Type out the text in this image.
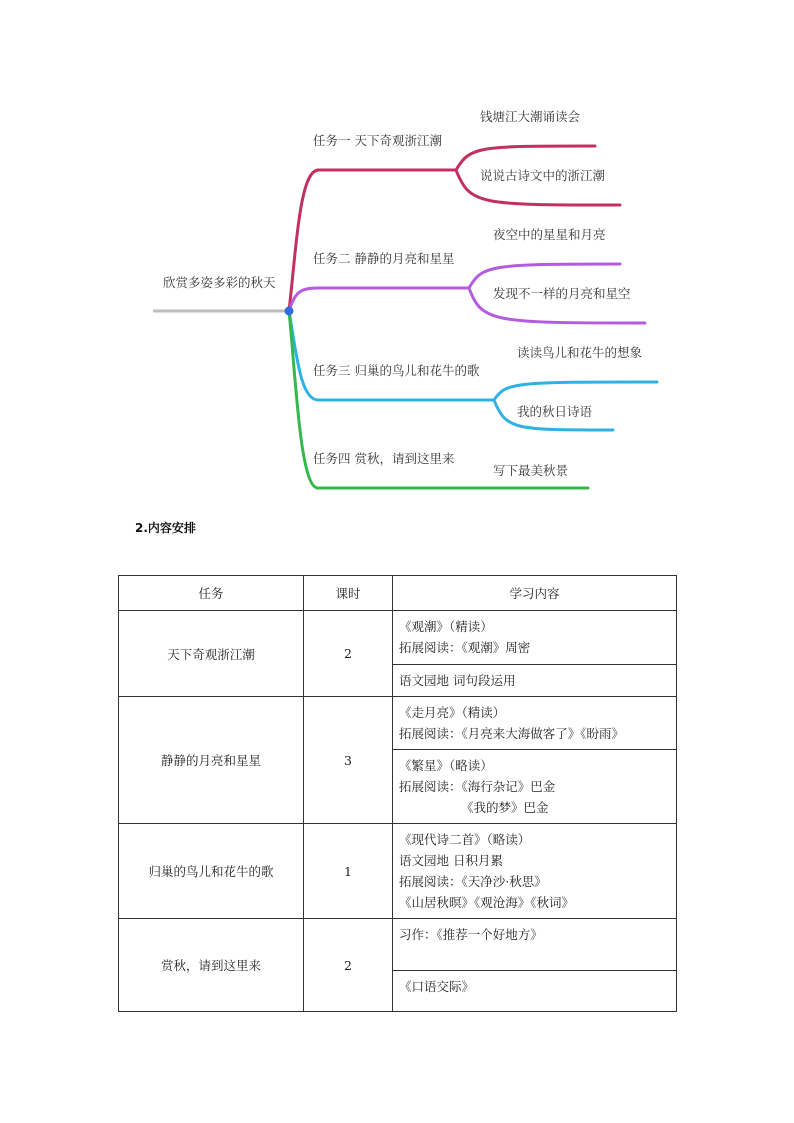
欣赏多姿多彩的秋天
任务一 天下奇观浙江潮
钱塘江大潮诵读会
说说古诗文中的浙江潮
任务二 静静的月亮和星星
夜空中的星星和月亮
发现不一样的月亮和星空
任务三 归巢的鸟儿和花牛的歌
读读鸟儿和花牛的想象
我的秋日诗语
任务四 赏秋，请到这里来
写下最美秋景
2.内容安排
任务	课时	学习内容
天下奇观浙江潮	2	《观潮》（精读）
拓展阅读：《观潮》周密

		语文园地 词句段运用

静静的月亮和星星	3	《走月亮》（精读）
拓展阅读：《月亮来大海做客了》《盼雨》

		《繁星》（略读）
拓展阅读：《海行杂记》巴金
《我的梦》巴金

归巢的鸟儿和花牛的歌	1	《现代诗二首》（略读）
语文园地 日积月累
拓展阅读：《天净沙·秋思》
《山居秋暝》《观沧海》《秋词》

赏秋，请到这里来	2	习作：《推荐一个好地方》

		《口语交际》
